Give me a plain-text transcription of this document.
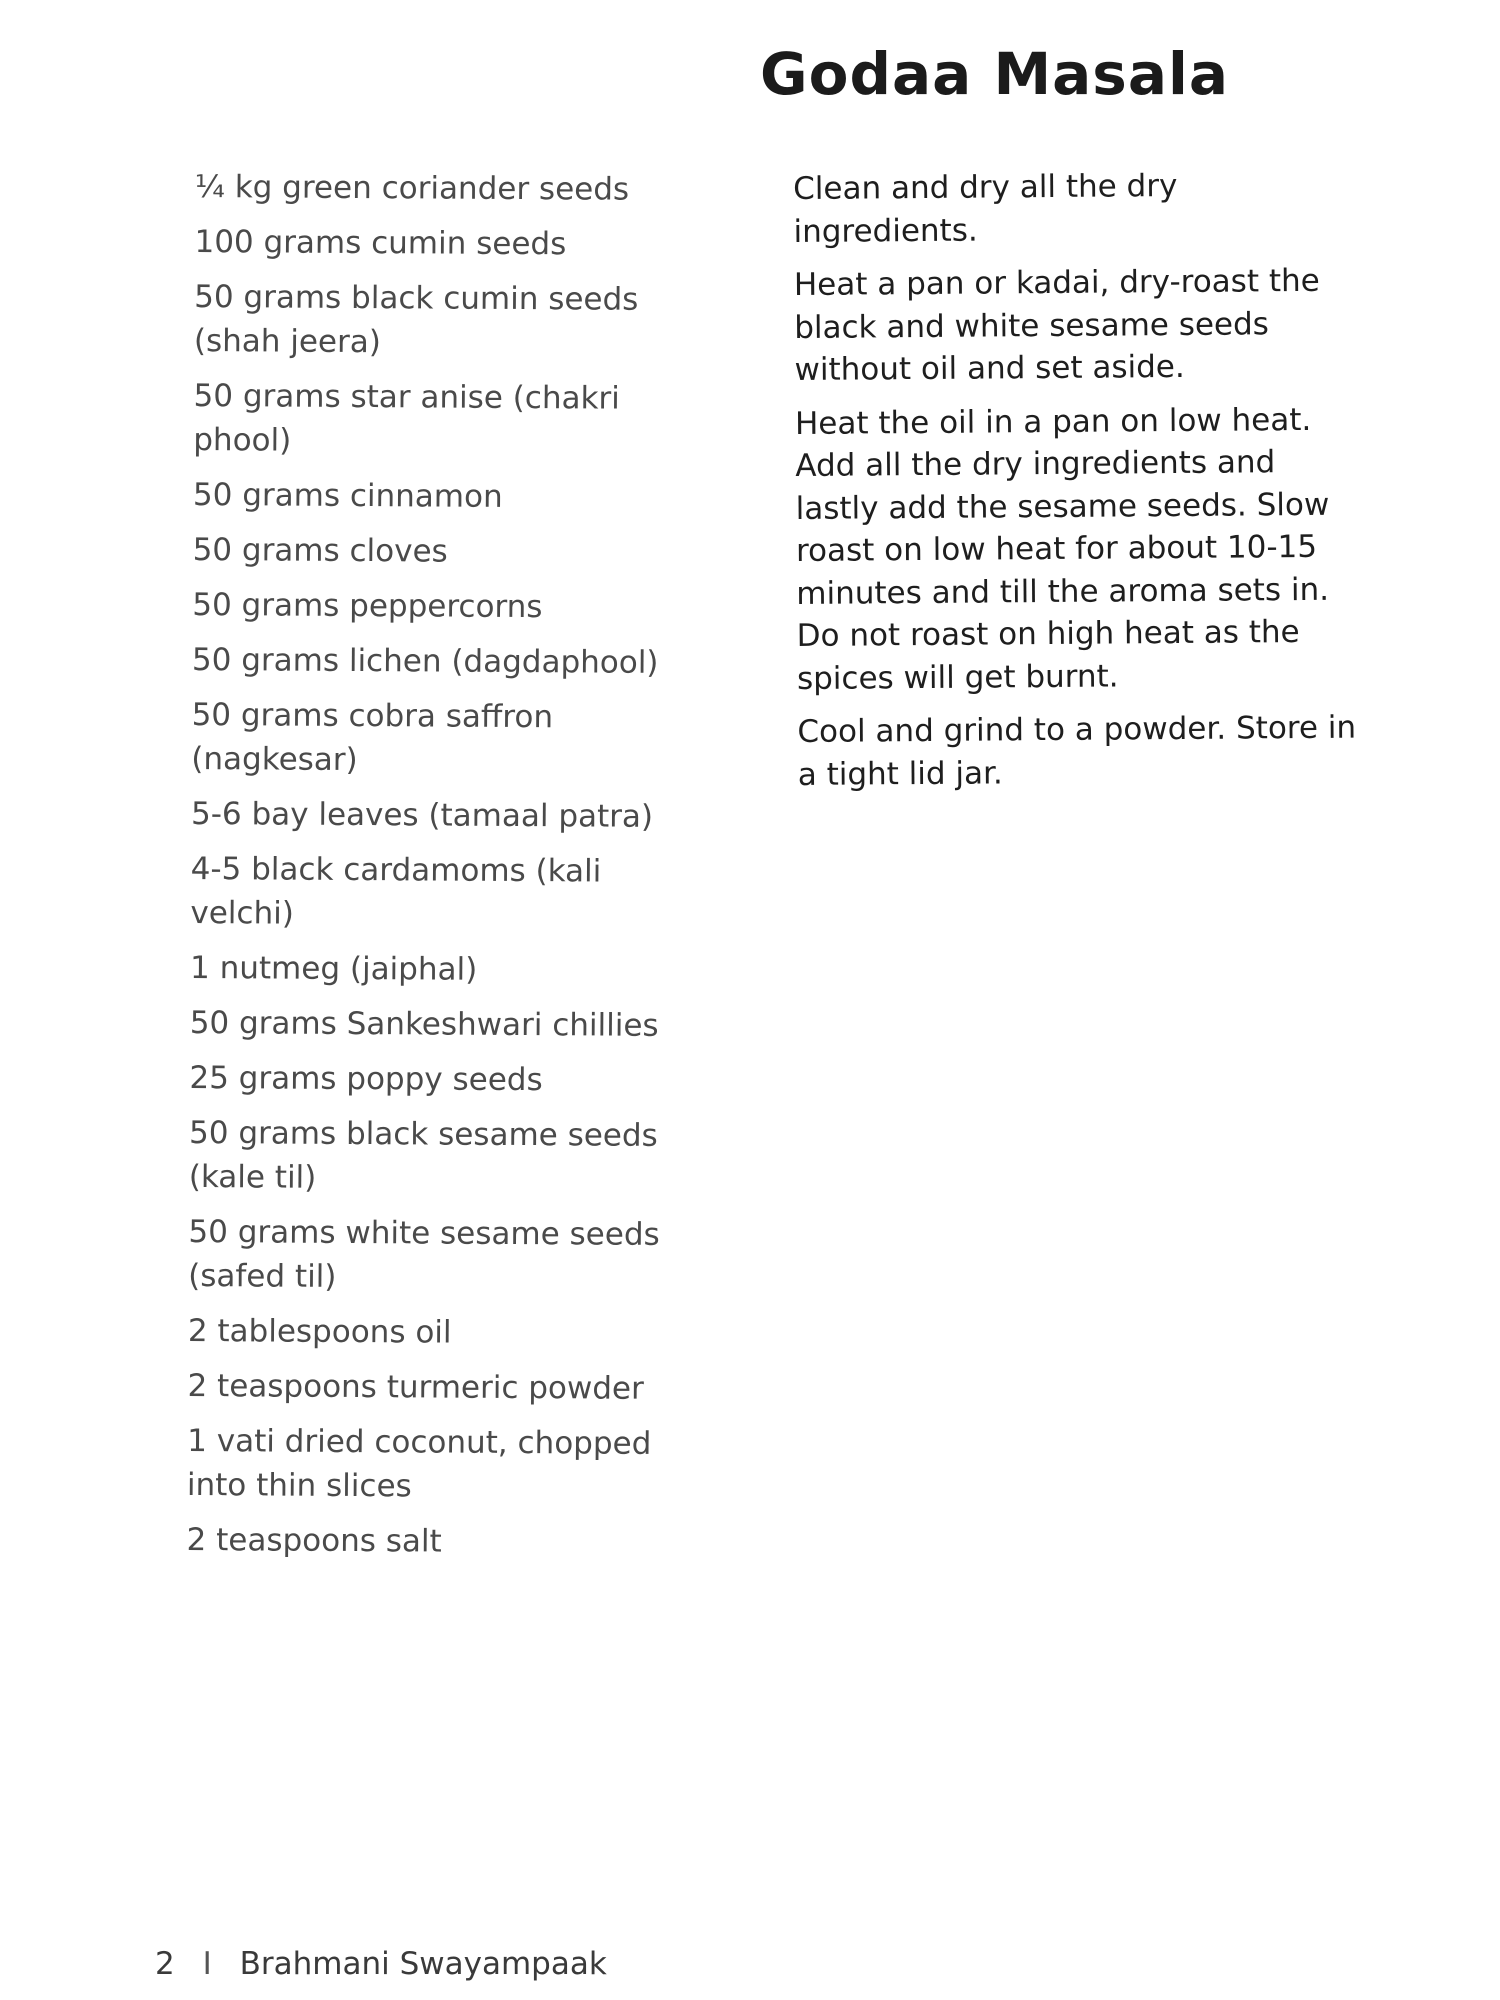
Godaa Masala
¼ kg green coriander seeds
100 grams cumin seeds
50 grams black cumin seeds (shah jeera)
50 grams star anise (chakri phool)
50 grams cinnamon
50 grams cloves
50 grams peppercorns
50 grams lichen (dagdaphool)
50 grams cobra saffron (nagkesar)
5-6 bay leaves (tamaal patra)
4-5 black cardamoms (kali velchi)
1 nutmeg (jaiphal)
50 grams Sankeshwari chillies
25 grams poppy seeds
50 grams black sesame seeds (kale til)
50 grams white sesame seeds (safed til)
2 tablespoons oil
2 teaspoons turmeric powder
1 vati dried coconut, chopped into thin slices
2 teaspoons salt

Clean and dry all the dry ingredients.

Heat a pan or kadai, dry-roast the black and white sesame seeds without oil and set aside.

Heat the oil in a pan on low heat. Add all the dry ingredients and lastly add the sesame seeds. Slow roast on low heat for about 10-15 minutes and till the aroma sets in. Do not roast on high heat as the spices will get burnt.

Cool and grind to a powder. Store in a tight lid jar.

2 I Brahmani Swayampaak
